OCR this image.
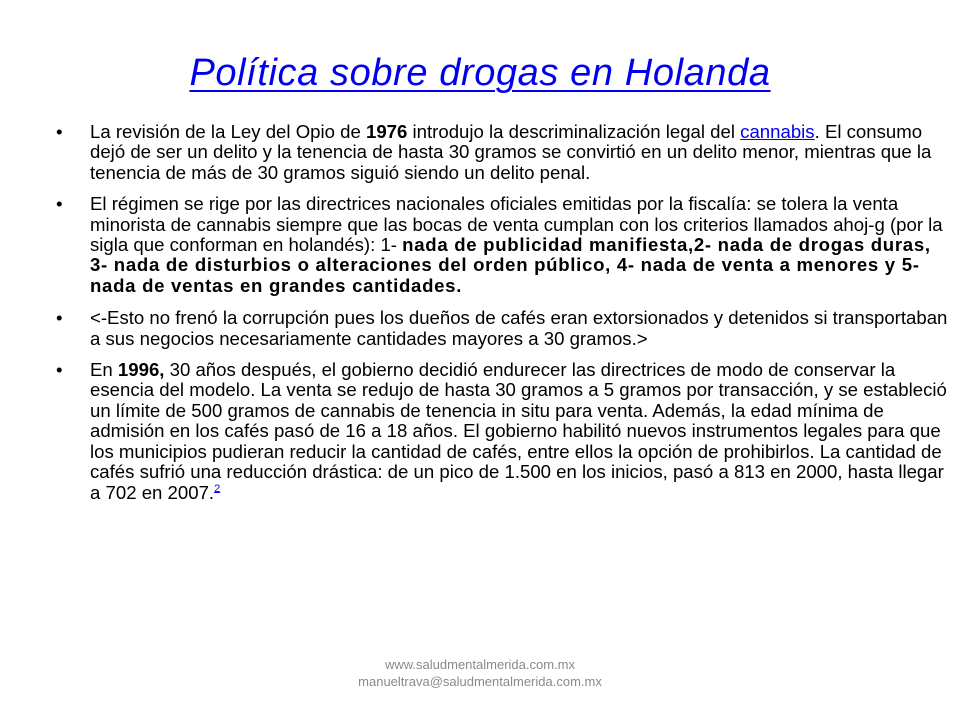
Política sobre drogas en Holanda
• La revisión de la Ley del Opio de 1976 introdujo la descriminalización legal del cannabis. El consumo dejó de ser un delito y la tenencia de hasta 30 gramos se convirtió en un delito menor, mientras que la tenencia de más de 30 gramos siguió siendo un delito penal.
• El régimen se rige por las directrices nacionales oficiales emitidas por la fiscalía: se tolera la venta minorista de cannabis siempre que las bocas de venta cumplan con los criterios llamados ahoj-g (por la sigla que conforman en holandés): 1- nada de publicidad manifiesta,2- nada de drogas duras, 3- nada de disturbios o alteraciones del orden público, 4- nada de venta a menores y 5-nada de ventas en grandes cantidades.
• <-Esto no frenó la corrupción pues los dueños de cafés eran extorsionados y detenidos si transportaban a sus negocios necesariamente cantidades mayores a 30 gramos.>
• En 1996, 30 años después, el gobierno decidió endurecer las directrices de modo de conservar la esencia del modelo. La venta se redujo de hasta 30 gramos a 5 gramos por transacción, y se estableció un límite de 500 gramos de cannabis de tenencia in situ para venta. Además, la edad mínima de admisión en los cafés pasó de 16 a 18 años. El gobierno habilitó nuevos instrumentos legales para que los municipios pudieran reducir la cantidad de cafés, entre ellos la opción de prohibirlos. La cantidad de cafés sufrió una reducción drástica: de un pico de 1.500 en los inicios, pasó a 813 en 2000, hasta llegar a 702 en 2007.$^2$
www.saludmentalmerida.com.mx
manueltrava@saludmentalmerida.com.mx
